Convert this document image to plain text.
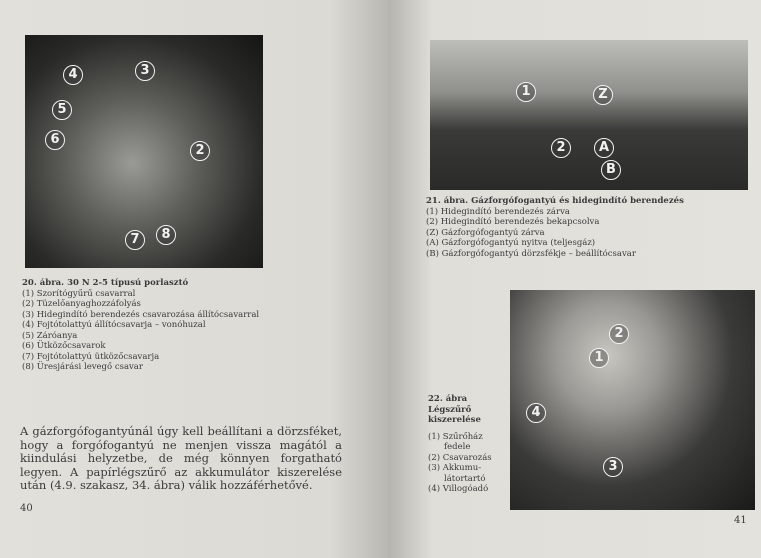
4	3
5
6
2
7	8
20. ábra. 30 N 2-5 típusú porlasztó
(1) Szorítógyűrű csavarral
(2) Tüzelőanyaghozzáfolyás
(3) Hidegindító berendezés csavarozása állítócsavarral
(4) Fojtótolattyú állítócsavarja – vonóhuzal
(5) Záróanya
(6) Ütközőcsavarok
(7) Fojtótolattyú ütközőcsavarja
(8) Üresjárási levegő csavar
A gázforgófogantyúnál úgy kell beállítani a dörzsféket, hogy a forgófogantyú ne menjen vissza magától a kiindulási helyzetbe, de még könnyen forgatható legyen. A papírlégszűrő az akkumulátor kiszerelése után (4.9. szakasz, 34. ábra) válik hozzáférhetővé.
40
1	Z
2	A
B
21. ábra. Gázforgófogantyú és hidegindító berendezés
(1) Hidegindító berendezés zárva
(2) Hidegindító berendezés bekapcsolva
(Z) Gázforgófogantyú zárva
(A) Gázforgófogantyú nyitva (teljesgáz)
(B) Gázforgófogantyú dörzsfékje – beállítócsavar
2
1
4
3
22. ábra
Légszűrő
kiszerelése
(1) Szűrőház
fedele
(2) Csavarozás
(3) Akkumu-
látortartó
(4) Villogóadó
41
